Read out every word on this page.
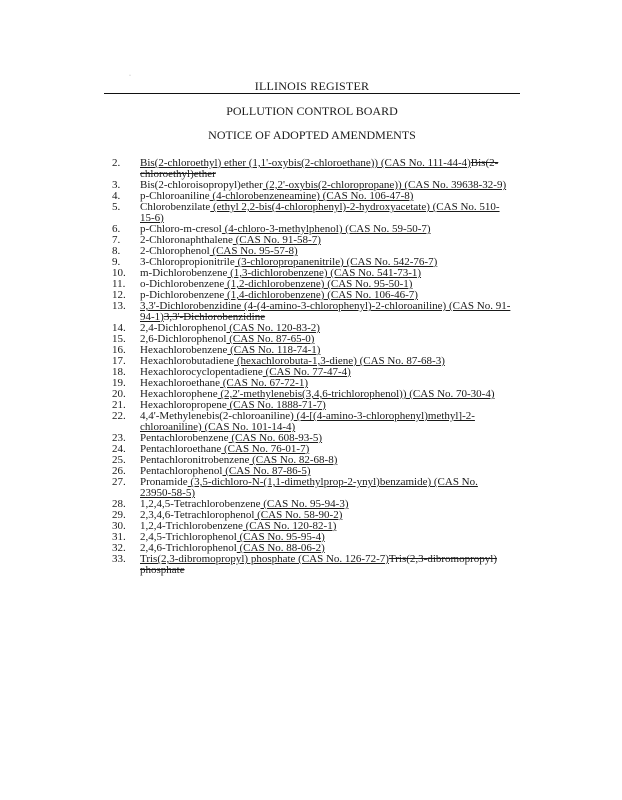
·
ILLINOIS REGISTER
POLLUTION CONTROL BOARD
NOTICE OF ADOPTED AMENDMENTS
2.	Bis(2-chloroethyl) ether (1,1'-oxybis(2-chloroethane)) (CAS No. 111-44-4)Bis(2-
chloroethyl)ether
3.	Bis(2-chloroisopropyl)ether (2,2'-oxybis(2-chloropropane)) (CAS No. 39638-32-9)
4.	p-Chloroaniline (4-chlorobenzeneamine) (CAS No. 106-47-8)
5.	Chlorobenzilate (ethyl 2,2-bis(4-chlorophenyl)-2-hydroxyacetate) (CAS No. 510-
15-6)
6.	p-Chloro-m-cresol (4-chloro-3-methylphenol) (CAS No. 59-50-7)
7.	2-Chloronaphthalene (CAS No. 91-58-7)
8.	2-Chlorophenol (CAS No. 95-57-8)
9.	3-Chloropropionitrile (3-chloropropanenitrile) (CAS No. 542-76-7)
10.	m-Dichlorobenzene (1,3-dichlorobenzene) (CAS No. 541-73-1)
11.	o-Dichlorobenzene (1,2-dichlorobenzene) (CAS No. 95-50-1)
12.	p-Dichlorobenzene (1,4-dichlorobenzene) (CAS No. 106-46-7)
13.	3,3'-Dichlorobenzidine (4-(4-amino-3-chlorophenyl)-2-chloroaniline) (CAS No. 91-
94-1)3,3'-Dichlorobenzidine
14.	2,4-Dichlorophenol (CAS No. 120-83-2)
15.	2,6-Dichlorophenol (CAS No. 87-65-0)
16.	Hexachlorobenzene (CAS No. 118-74-1)
17.	Hexachlorobutadiene (hexachlorobuta-1,3-diene) (CAS No. 87-68-3)
18.	Hexachlorocyclopentadiene (CAS No. 77-47-4)
19.	Hexachloroethane (CAS No. 67-72-1)
20.	Hexachlorophene (2,2'-methylenebis(3,4,6-trichlorophenol)) (CAS No. 70-30-4)
21.	Hexachloropropene (CAS No. 1888-71-7)
22.	4,4'-Methylenebis(2-chloroaniline) (4-[(4-amino-3-chlorophenyl)methyl]-2-
chloroaniline) (CAS No. 101-14-4)
23.	Pentachlorobenzene (CAS No. 608-93-5)
24.	Pentachloroethane (CAS No. 76-01-7)
25.	Pentachloronitrobenzene (CAS No. 82-68-8)
26.	Pentachlorophenol (CAS No. 87-86-5)
27.	Pronamide (3,5-dichloro-N-(1,1-dimethylprop-2-ynyl)benzamide) (CAS No.
23950-58-5)
28.	1,2,4,5-Tetrachlorobenzene (CAS No. 95-94-3)
29.	2,3,4,6-Tetrachlorophenol (CAS No. 58-90-2)
30.	1,2,4-Trichlorobenzene (CAS No. 120-82-1)
31.	2,4,5-Trichlorophenol (CAS No. 95-95-4)
32.	2,4,6-Trichlorophenol (CAS No. 88-06-2)
33.	Tris(2,3-dibromopropyl) phosphate (CAS No. 126-72-7)Tris(2,3-dibromopropyl)
phosphate
